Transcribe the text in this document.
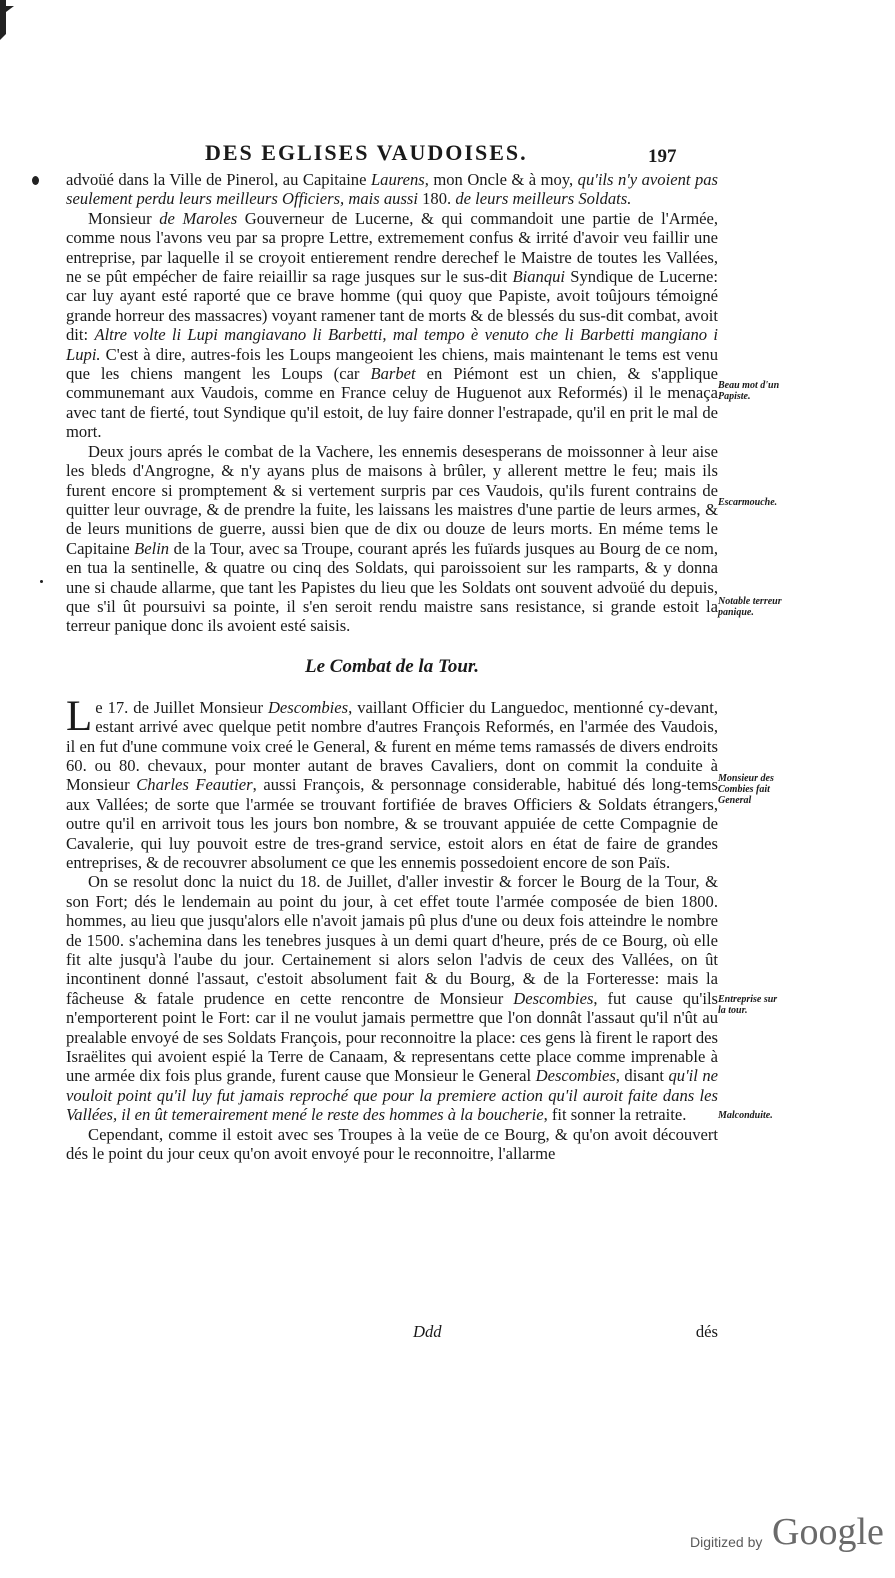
DES EGLISES VAUDOISES.	197

advoüé dans la Ville de Pinerol, au Capitaine Laurens, mon Oncle & à moy, qu'ils n'y avoient pas seulement perdu leurs meilleurs Officiers, mais aussi 180. de leurs meilleurs Soldats.

Monsieur de Maroles Gouverneur de Lucerne, & qui commandoit une partie de l'Armée, comme nous l'avons veu par sa propre Lettre, extremement confus & irrité d'avoir veu faillir une entreprise, par laquelle il se croyoit entierement rendre derechef le Maistre de toutes les Vallées, ne se pût empécher de faire reiaillir sa rage jusques sur le sus-dit Bianqui Syndique de Lucerne: car luy ayant esté raporté que ce brave homme (qui quoy que Papiste, avoit toûjours témoigné grande horreur des massacres) voyant ramener tant de morts & de blessés du sus-dit combat, avoit dit: Altre volte li Lupi mangiavano li Barbetti, mal tempo è venuto che li Barbetti mangiano i Lupi. C'est à dire, autres-fois les Loups mangeoient les chiens, mais maintenant le tems est venu que les chiens mangent les Loups (car Barbet en Piémont est un chien, & s'applique communemant aux Vaudois, comme en France celuy de Huguenot aux Reformés) il le menaça avec tant de fierté, tout Syndique qu'il estoit, de luy faire donner l'estrapade, qu'il en prit le mal de mort.

Deux jours aprés le combat de la Vachere, les ennemis desesperans de moissonner à leur aise les bleds d'Angrogne, & n'y ayans plus de maisons à brûler, y allerent mettre le feu; mais ils furent encore si promptement & si vertement surpris par ces Vaudois, qu'ils furent contrains de quitter leur ouvrage, & de prendre la fuite, les laissans les maistres d'une partie de leurs armes, & de leurs munitions de guerre, aussi bien que de dix ou douze de leurs morts. En méme tems le Capitaine Belin de la Tour, avec sa Troupe, courant aprés les fuïards jusques au Bourg de ce nom, en tua la sentinelle, & quatre ou cinq des Soldats, qui paroissoient sur les ramparts, & y donna une si chaude allarme, que tant les Papistes du lieu que les Soldats ont souvent advoüé du depuis, que s'il ût poursuivi sa pointe, il s'en seroit rendu maistre sans resistance, si grande estoit la terreur panique donc ils avoient esté saisis.

Le Combat de la Tour.

Le 17. de Juillet Monsieur Descombies, vaillant Officier du Languedoc, mentionné cy-devant, estant arrivé avec quelque petit nombre d'autres François Reformés, en l'armée des Vaudois, il en fut d'une commune voix creé le General, & furent en méme tems ramassés de divers endroits 60. ou 80. chevaux, pour monter autant de braves Cavaliers, dont on commit la conduite à Monsieur Charles Feautier, aussi François, & personnage considerable, habitué dés long-tems aux Vallées; de sorte que l'armée se trouvant fortifiée de braves Officiers & Soldats étrangers, outre qu'il en arrivoit tous les jours bon nombre, & se trouvant appuiée de cette Compagnie de Cavalerie, qui luy pouvoit estre de tres-grand service, estoit alors en état de faire de grandes entreprises, & de recouvrer absolument ce que les ennemis possedoient encore de son Païs.

On se resolut donc la nuict du 18. de Juillet, d'aller investir & forcer le Bourg de la Tour, & son Fort; dés le lendemain au point du jour, à cet effet toute l'armée composée de bien 1800. hommes, au lieu que jusqu'alors elle n'avoit jamais pû plus d'une ou deux fois atteindre le nombre de 1500. s'achemina dans les tenebres jusques à un demi quart d'heure, prés de ce Bourg, où elle fit alte jusqu'à l'aube du jour. Certainement si alors selon l'advis de ceux des Vallées, on ût incontinent donné l'assaut, c'estoit absolument fait & du Bourg, & de la Forteresse: mais la fâcheuse & fatale prudence en cette rencontre de Monsieur Descombies, fut cause qu'ils n'emporterent point le Fort: car il ne voulut jamais permettre que l'on donnât l'assaut qu'il n'ût au prealable envoyé de ses Soldats François, pour reconnoitre la place: ces gens là firent le raport des Israëlites qui avoient espié la Terre de Canaam, & representans cette place comme imprenable à une armée dix fois plus grande, furent cause que Monsieur le General Descombies, disant qu'il ne vouloit point qu'il luy fut jamais reproché que pour la premiere action qu'il auroit faite dans les Vallées, il en ût temerairement mené le reste des hommes à la boucherie, fit sonner la retraite.

Cependant, comme il estoit avec ses Troupes à la veüe de ce Bourg, & qu'on avoit découvert dés le point du jour ceux qu'on avoit envoyé pour le reconnoitre, l'allarme

Ddd	dés
Beau mot d'un Papiste.
Escarmouche.
Notable terreur panique.
Monsieur des Combies fait General
Entreprise sur la tour.
Malconduite.
Digitized by Google
